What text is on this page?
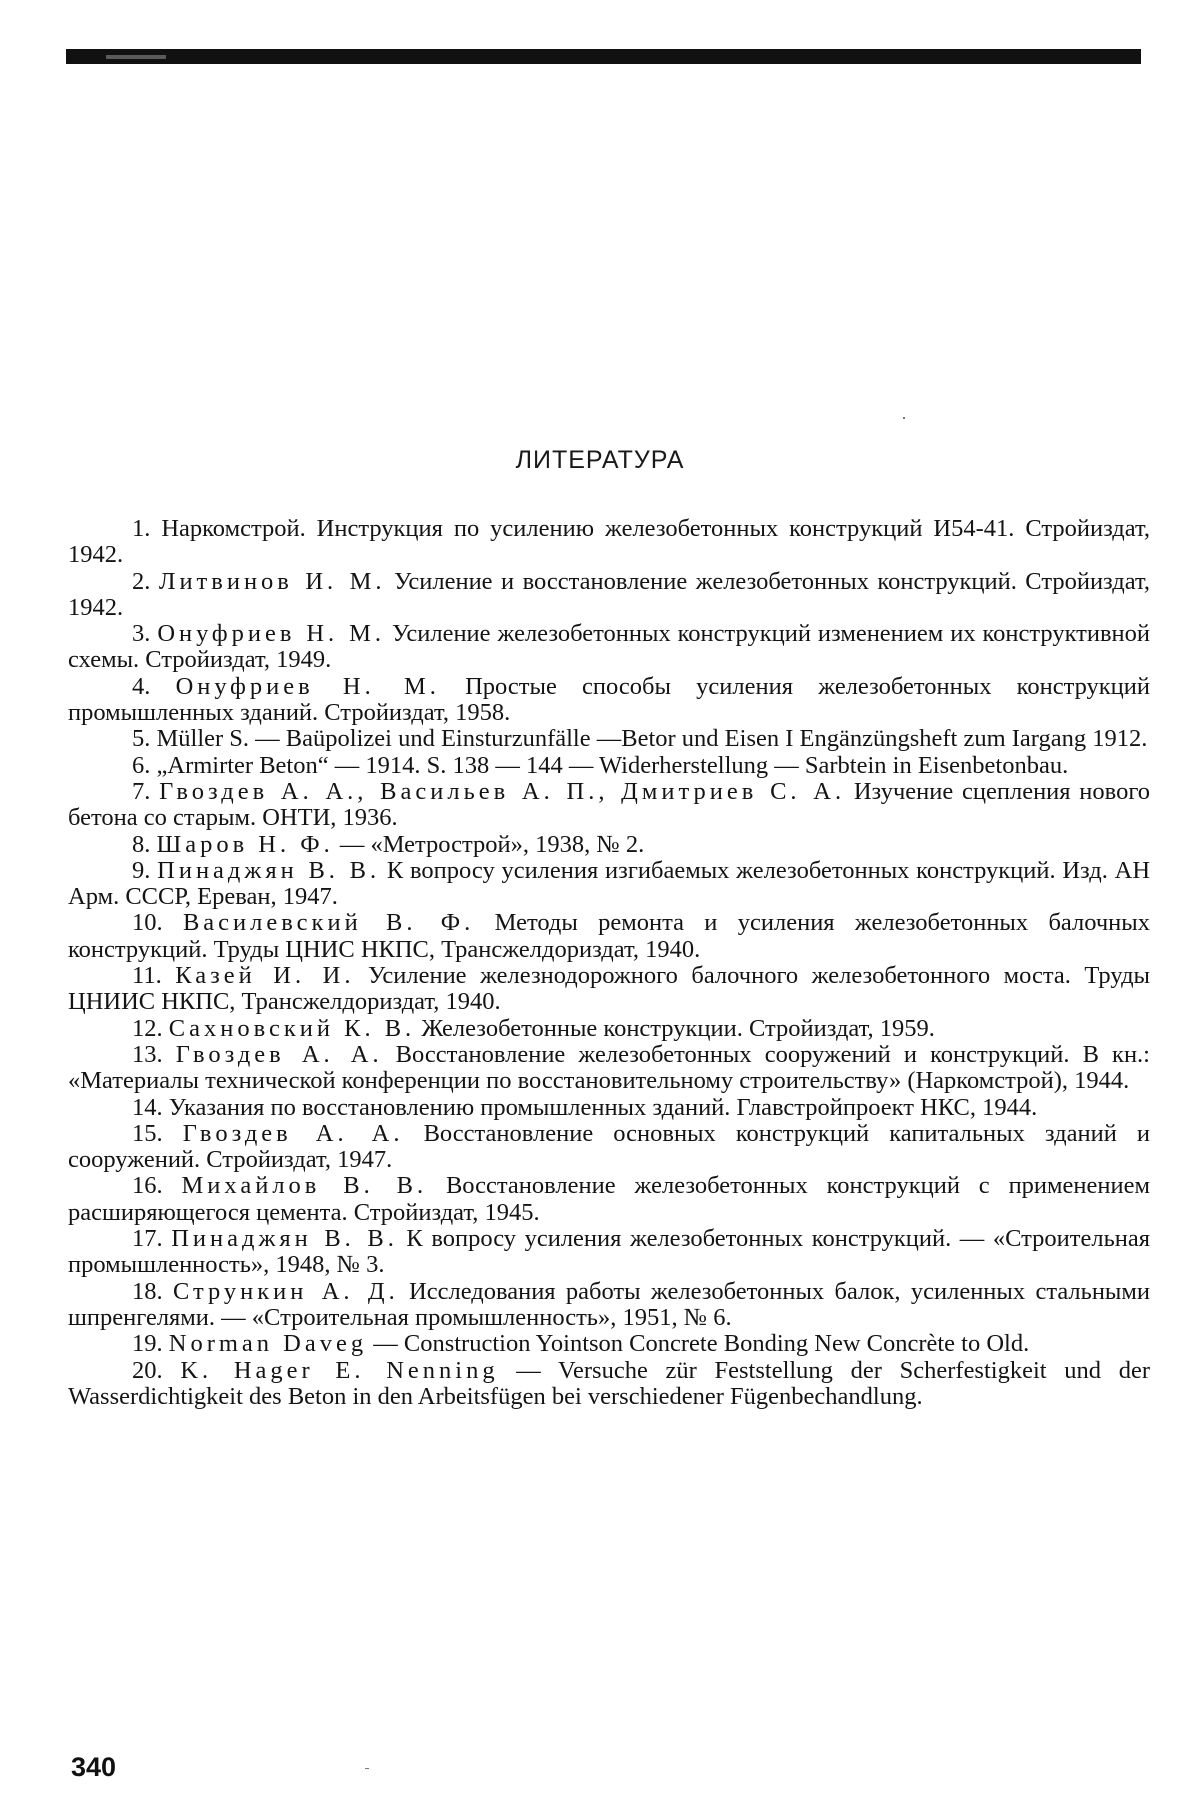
ЛИТЕРАТУРА
1. Наркомстрой. Инструкция по усилению железобетонных конструкций И54-41. Стройиздат, 1942.
2. Литвинов И. М. Усиление и восстановление железобетонных конструкций. Стройиздат, 1942.
3. Онуфриев Н. М. Усиление железобетонных конструкций изменением их конструктивной схемы. Стройиздат, 1949.
4. Онуфриев Н. М. Простые способы усиления железобетонных конструкций промышленных зданий. Стройиздат, 1958.
5. Müller S. — Baüpolizei und Einsturzunfälle —Betor und Eisen I Engänzüngsheft zum Iargang 1912.
6. „Armirter Beton“ — 1914. S. 138 — 144 — Widerherstellung — Sarbtein in Eisenbetonbau.
7. Гвоздев А. А., Васильев А. П., Дмитриев С. А. Изучение сцепления нового бетона со старым. ОНТИ, 1936.
8. Шаров Н. Ф. — «Метрострой», 1938, № 2.
9. Пинаджян В. В. К вопросу усиления изгибаемых железобетонных конструкций. Изд. АН Арм. СССР, Ереван, 1947.
10. Василевский В. Ф. Методы ремонта и усиления железобетонных балочных конструкций. Труды ЦНИС НКПС, Трансжелдориздат, 1940.
11. Казей И. И. Усиление железнодорожного балочного железобетонного моста. Труды ЦНИИС НКПС, Трансжелдориздат, 1940.
12. Сахновский К. В. Железобетонные конструкции. Стройиздат, 1959.
13. Гвоздев А. А. Восстановление железобетонных сооружений и конструкций. В кн.: «Материалы технической конференции по восстановительному строительству» (Наркомстрой), 1944.
14. Указания по восстановлению промышленных зданий. Главстройпроект НКС, 1944.
15. Гвоздев А. А. Восстановление основных конструкций капитальных зданий и сооружений. Стройиздат, 1947.
16. Михайлов В. В. Восстановление железобетонных конструкций с применением расширяющегося цемента. Стройиздат, 1945.
17. Пинаджян В. В. К вопросу усиления железобетонных конструкций. — «Строительная промышленность», 1948, № 3.
18. Стрункин А. Д. Исследования работы железобетонных балок, усиленных стальными шпренгелями. — «Строительная промышленность», 1951, № 6.
19. Norman Daveg — Construction Yointson Concrete Bonding New Concrète to Old.
20. K. Hager E. Nenning — Versuche zür Feststellung der Scherfestigkeit und der Wasserdichtigkeit des Beton in den Arbeitsfügen bei verschiedener Fügenbechandlung.
340
